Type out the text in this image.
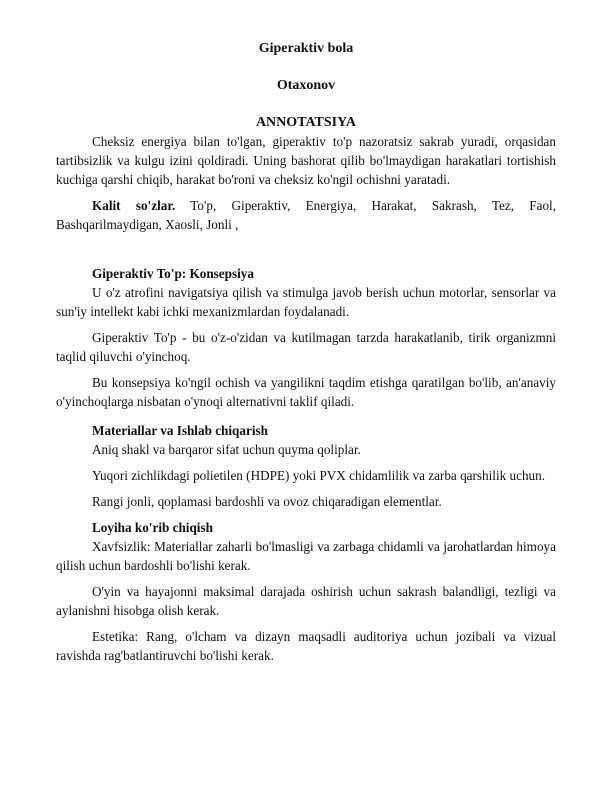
Giperaktiv bola
Otaxonov
ANNOTATSIYA

Cheksiz energiya bilan to'lgan, giperaktiv to'p nazoratsiz sakrab yuradi, orqasidan tartibsizlik va kulgu izini qoldiradi. Uning bashorat qilib bo'lmaydigan harakatlari tortishish kuchiga qarshi chiqib, harakat bo'roni va cheksiz ko'ngil ochishni yaratadi.

Kalit so'zlar. To'p, Giperaktiv, Energiya, Harakat, Sakrash, Tez, Faol, Bashqarilmaydigan, Xaosli, Jonli ,

Giperaktiv To'p: Konsepsiya

U o'z atrofini navigatsiya qilish va stimulga javob berish uchun motorlar, sensorlar va sun'iy intellekt kabi ichki mexanizmlardan foydalanadi.

Giperaktiv To'p - bu o'z-o'zidan va kutilmagan tarzda harakatlanib, tirik organizmni taqlid qiluvchi o'yinchoq.

Bu konsepsiya ko'ngil ochish va yangilikni taqdim etishga qaratilgan bo'lib, an'anaviy o'yinchoqlarga nisbatan o'ynoqi alternativni taklif qiladi.

Materiallar va Ishlab chiqarish

Aniq shakl va barqaror sifat uchun quyma qoliplar.

Yuqori zichlikdagi polietilen (HDPE) yoki PVX chidamlilik va zarba qarshilik uchun.

Rangi jonli, qoplamasi bardoshli va ovoz chiqaradigan elementlar.

Loyiha ko'rib chiqish

Xavfsizlik: Materiallar zaharli bo'lmasligi va zarbaga chidamli va jarohatlardan himoya qilish uchun bardoshli bo'lishi kerak.

O'yin va hayajonni maksimal darajada oshirish uchun sakrash balandligi, tezligi va aylanishni hisobga olish kerak.

Estetika: Rang, o'lcham va dizayn maqsadli auditoriya uchun jozibali va vizual ravishda rag'batlantiruvchi bo'lishi kerak.
